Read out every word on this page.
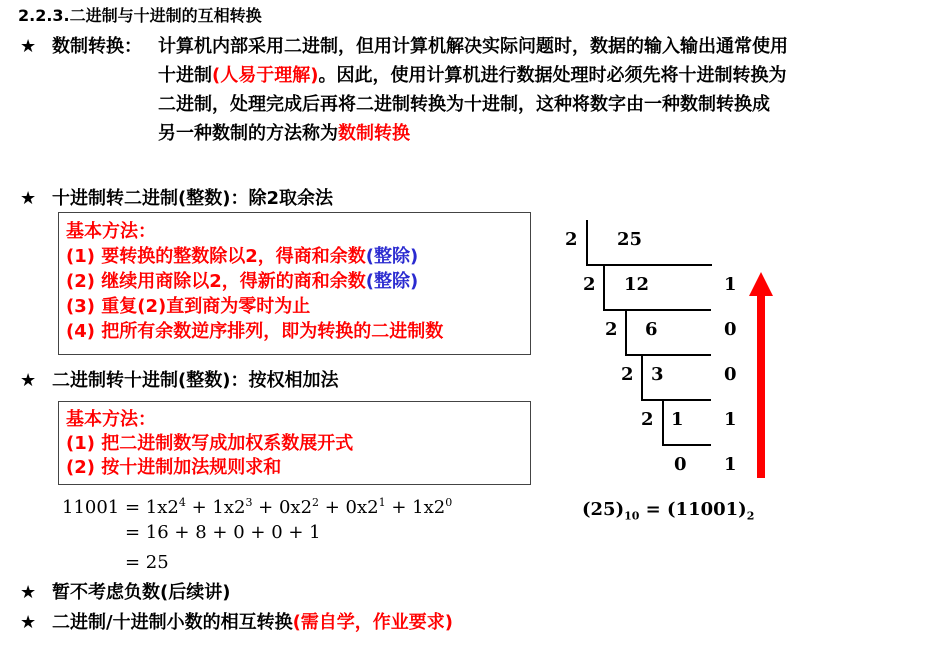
2.2.3.二进制与十进制的互相转换
★ 数制转换： 计算机内部采用二进制，但用计算机解决实际问题时，数据的输入输出通常使用
十进制(人易于理解)。因此，使用计算机进行数据处理时必须先将十进制转换为
二进制，处理完成后再将二进制转换为十进制，这种将数字由一种数制转换成
另一种数制的方法称为数制转换
★ 十进制转二进制(整数)：除2取余法
基本方法：
(1) 要转换的整数除以2，得商和余数(整除)
(2) 继续用商除以2，得新的商和余数(整除)
(3) 重复(2)直到商为零时为止
(4) 把所有余数逆序排列，即为转换的二进制数
★ 二进制转十进制(整数)：按权相加法
基本方法：
(1) 把二进制数写成加权系数展开式
(2) 按十进制加法规则求和
$11001 = 1x2^4 + 1x2^3 + 0x2^2 + 0x2^1 + 1x2^0$
= 16 + 8 + 0 + 0 + 1
= 25
★ 暂不考虑负数(后续讲)
★ 二进制/十进制小数的相互转换(需自学，作业要求)
2 25
2 12	1
2 6	0
2 3	0
2 1 1
0 1
$(25)_{10} = (11001)_2$
